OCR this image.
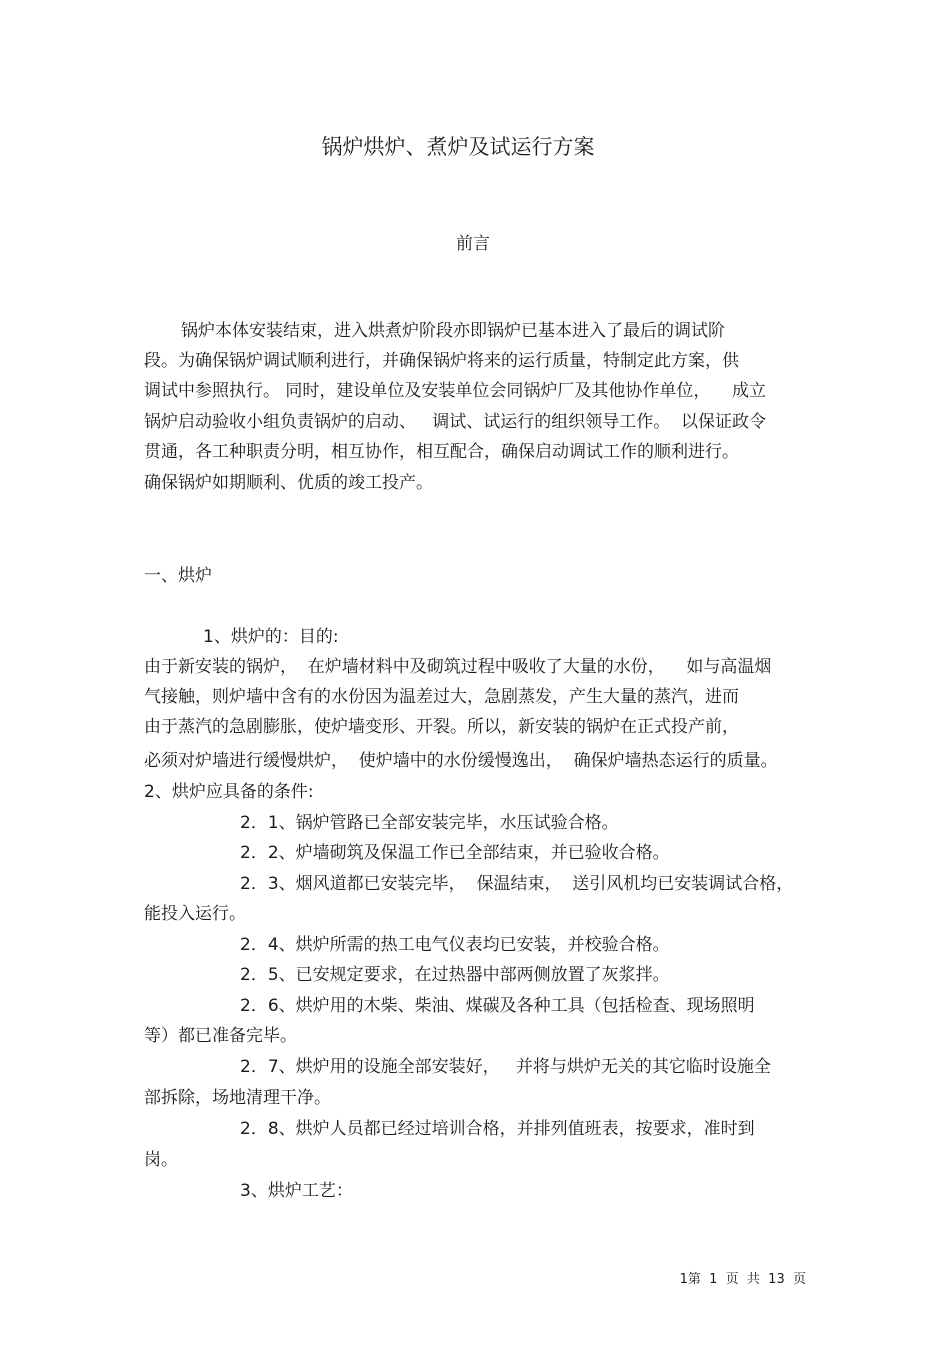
锅炉烘炉、煮炉及试运行方案
前言
锅炉本体安装结束，进入烘煮炉阶段亦即锅炉已基本进入了最后的调试阶
段。为确保锅炉调试顺利进行，并确保锅炉将来的运行质量，特制定此方案，供
调试中参照执行。 同时，建设单位及安装单位会同锅炉厂及其他协作单位，    成立
锅炉启动验收小组负责锅炉的启动、   调试、试运行的组织领导工作。  以保证政令
贯通，各工种职责分明，相互协作，相互配合，确保启动调试工作的顺利进行。
确保锅炉如期顺利、优质的竣工投产。
一、烘炉
1、烘炉的：目的:
由于新安装的锅炉，  在炉墙材料中及砌筑过程中吸收了大量的水份，    如与高温烟
气接触，则炉墙中含有的水份因为温差过大，急剧蒸发，产生大量的蒸汽，进而
由于蒸汽的急剧膨胀，使炉墙变形、开裂。所以，新安装的锅炉在正式投产前，
必须对炉墙进行缓慢烘炉，  使炉墙中的水份缓慢逸出，  确保炉墙热态运行的质量。
2、烘炉应具备的条件:
2．1、锅炉管路已全部安装完毕，水压试验合格。
2．2、炉墙砌筑及保温工作已全部结束，并已验收合格。
2．3、烟风道都已安装完毕，  保温结束，  送引风机均已安装调试合格，
能投入运行。
2．4、烘炉所需的热工电气仪表均已安装，并校验合格。
2．5、已安规定要求，在过热器中部两侧放置了灰浆拌。
2．6、烘炉用的木柴、柴油、煤碳及各种工具（包括检查、现场照明
等）都已准备完毕。
2．7、烘炉用的设施全部安装好，   并将与烘炉无关的其它临时设施全
部拆除，场地清理干净。
2．8、烘炉人员都已经过培训合格，并排列值班表，按要求，准时到
岗。
3、烘炉工艺：
1第  1  页  共  13  页
